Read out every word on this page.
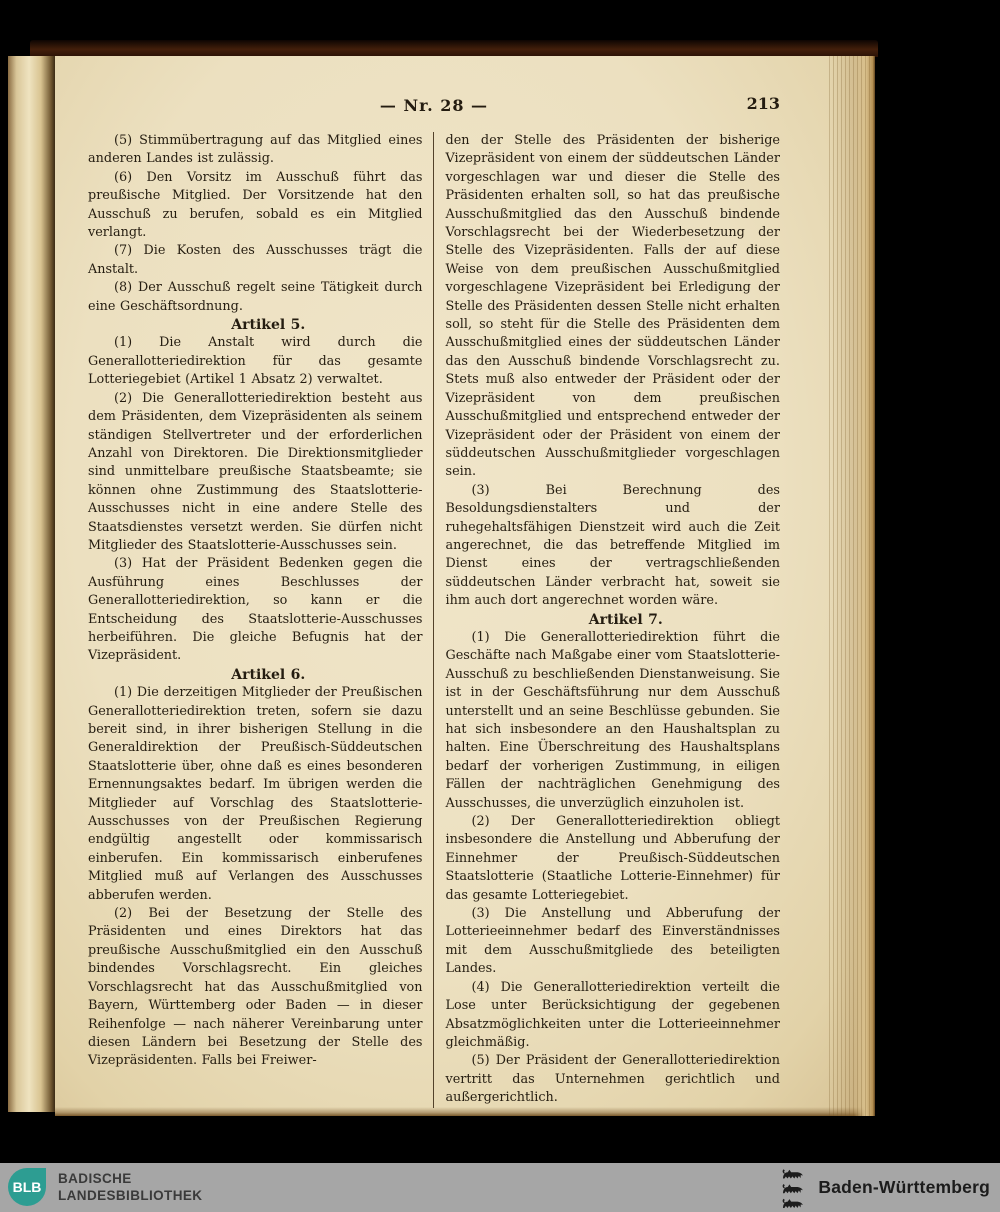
— Nr. 28 —	213

(5) Stimmübertragung auf das Mitglied eines anderen Landes ist zulässig.

(6) Den Vorsitz im Ausschuß führt das preußische Mitglied. Der Vorsitzende hat den Ausschuß zu berufen, sobald es ein Mitglied verlangt.

(7) Die Kosten des Ausschusses trägt die Anstalt.

(8) Der Ausschuß regelt seine Tätigkeit durch eine Geschäftsordnung.

Artikel 5.

(1) Die Anstalt wird durch die Generallotteriedirektion für das gesamte Lotteriegebiet (Artikel 1 Absatz 2) verwaltet.

(2) Die Generallotteriedirektion besteht aus dem Präsidenten, dem Vizepräsidenten als seinem ständigen Stellvertreter und der erforderlichen Anzahl von Direktoren. Die Direktionsmitglieder sind unmittelbare preußische Staatsbeamte; sie können ohne Zustimmung des Staatslotterie-Ausschusses nicht in eine andere Stelle des Staatsdienstes versetzt werden. Sie dürfen nicht Mitglieder des Staatslotterie-Ausschusses sein.

(3) Hat der Präsident Bedenken gegen die Ausführung eines Beschlusses der Generallotteriedirektion, so kann er die Entscheidung des Staatslotterie-Ausschusses herbeiführen. Die gleiche Befugnis hat der Vizepräsident.

Artikel 6.

(1) Die derzeitigen Mitglieder der Preußischen Generallotteriedirektion treten, sofern sie dazu bereit sind, in ihrer bisherigen Stellung in die Generaldirektion der Preußisch-Süddeutschen Staatslotterie über, ohne daß es eines besonderen Ernennungsaktes bedarf. Im übrigen werden die Mitglieder auf Vorschlag des Staatslotterie-Ausschusses von der Preußischen Regierung endgültig angestellt oder kommissarisch einberufen. Ein kommissarisch einberufenes Mitglied muß auf Verlangen des Ausschusses abberufen werden.

(2) Bei der Besetzung der Stelle des Präsidenten und eines Direktors hat das preußische Ausschußmitglied ein den Ausschuß bindendes Vorschlagsrecht. Ein gleiches Vorschlagsrecht hat das Ausschußmitglied von Bayern, Württemberg oder Baden — in dieser Reihenfolge — nach näherer Vereinbarung unter diesen Ländern bei Besetzung der Stelle des Vizepräsidenten. Falls bei Freiwer-

den der Stelle des Präsidenten der bisherige Vizepräsident von einem der süddeutschen Länder vorgeschlagen war und dieser die Stelle des Präsidenten erhalten soll, so hat das preußische Ausschußmitglied das den Ausschuß bindende Vorschlagsrecht bei der Wiederbesetzung der Stelle des Vizepräsidenten. Falls der auf diese Weise von dem preußischen Ausschußmitglied vorgeschlagene Vizepräsident bei Erledigung der Stelle des Präsidenten dessen Stelle nicht erhalten soll, so steht für die Stelle des Präsidenten dem Ausschußmitglied eines der süddeutschen Länder das den Ausschuß bindende Vorschlagsrecht zu. Stets muß also entweder der Präsident oder der Vizepräsident von dem preußischen Ausschußmitglied und entsprechend entweder der Vizepräsident oder der Präsident von einem der süddeutschen Ausschußmitglieder vorgeschlagen sein.

(3) Bei Berechnung des Besoldungsdienstalters und der ruhegehaltsfähigen Dienstzeit wird auch die Zeit angerechnet, die das betreffende Mitglied im Dienst eines der vertragschließenden süddeutschen Länder verbracht hat, soweit sie ihm auch dort angerechnet worden wäre.

Artikel 7.

(1) Die Generallotteriedirektion führt die Geschäfte nach Maßgabe einer vom Staatslotterie-Ausschuß zu beschließenden Dienstanweisung. Sie ist in der Geschäftsführung nur dem Ausschuß unterstellt und an seine Beschlüsse gebunden. Sie hat sich insbesondere an den Haushaltsplan zu halten. Eine Überschreitung des Haushaltsplans bedarf der vorherigen Zustimmung, in eiligen Fällen der nachträglichen Genehmigung des Ausschusses, die unverzüglich einzuholen ist.

(2) Der Generallotteriedirektion obliegt insbesondere die Anstellung und Abberufung der Einnehmer der Preußisch-Süddeutschen Staatslotterie (Staatliche Lotterie-Einnehmer) für das gesamte Lotteriegebiet.

(3) Die Anstellung und Abberufung der Lotterieeinnehmer bedarf des Einverständnisses mit dem Ausschußmitgliede des beteiligten Landes.

(4) Die Generallotteriedirektion verteilt die Lose unter Berücksichtigung der gegebenen Absatzmöglichkeiten unter die Lotterieeinnehmer gleichmäßig.

(5) Der Präsident der Generallotteriedirektion vertritt das Unternehmen gerichtlich und außergerichtlich.

BLB
BADISCHE
LANDESBIBLIOTHEK	Baden-Württemberg
